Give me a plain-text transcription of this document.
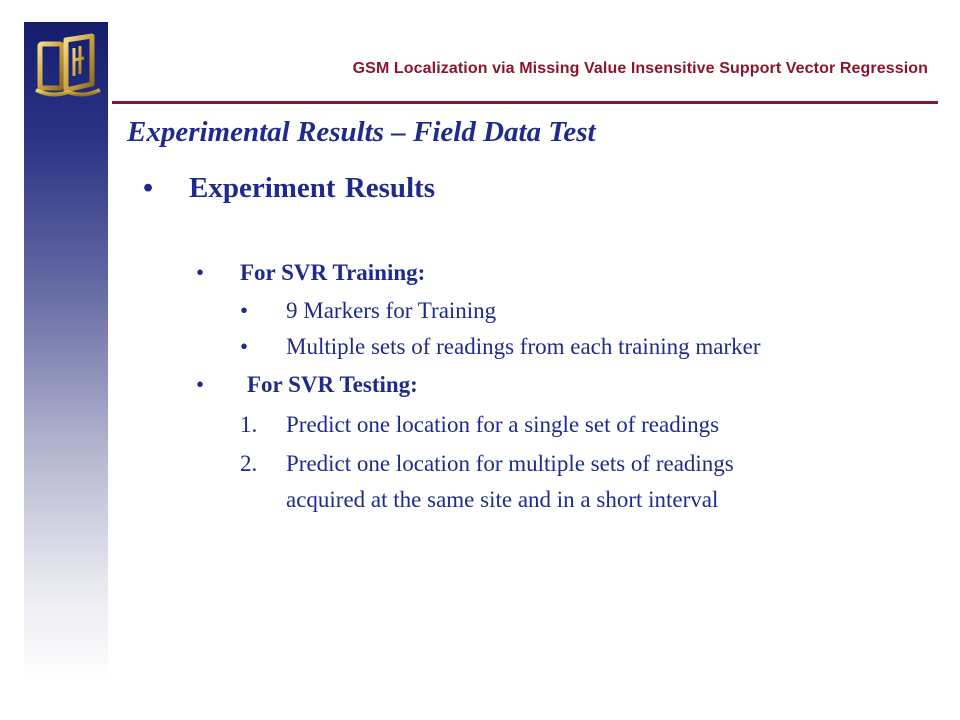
GSM Localization via Missing Value Insensitive Support Vector Regression
Experimental Results – Field Data Test
• Experiment Results
• For SVR Training:
• 9 Markers for Training
• Multiple sets of readings from each training marker
• For SVR Testing:
1. Predict one location for a single set of readings
2. Predict one location for multiple sets of readings
acquired at the same site and in a short interval
